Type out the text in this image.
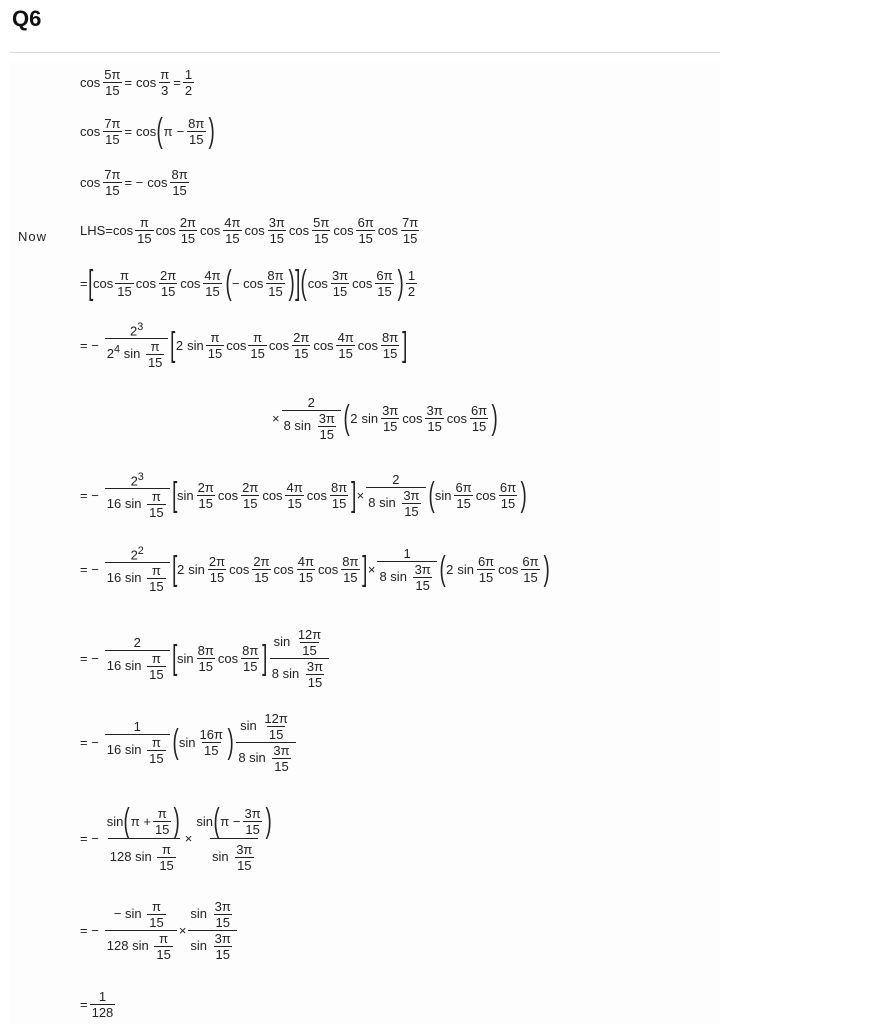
Q6
$\cos \frac{5\pi}{15} = \cos \frac{\pi}{3} = \frac{1}{2}$
$\cos \frac{7\pi}{15} = \cos$ ( $\pi - \frac{8\pi}{15}$ )
$\cos \frac{7\pi}{15}$ = − cos
8π
15
Now	LHS= cos
π
15
cos
2π
15
cos
4π
15
cos
3π
15
cos
5π
15
cos
6π
15
cos
7π
15
= [ cos
π
15
cos
2π
15
cos
4π
15 ( − cos
8π
15 ) ] ( cos
3π
15
cos
6π
15 ) 1
2
= −
$2^3$
$2^4$ $\sin \frac{\pi}{15}$ [ 2 sin
π
15
cos
π
15
cos
2π
15
cos
4π
15
cos
8π
15 ]
× $\frac{2}{8 \sin \frac{3\pi}{15}}$ ( 2 sin
3π
15
cos
3π
15
cos
6π
15 )
= −
$2^3$
16 $\sin \frac{\pi}{15}$ [ sin
2π
15
cos
2π
15
cos
4π
15
cos
8π
15 ] × $\frac{2}{8 \sin \frac{3\pi}{15}}$ ( sin
6π
15
cos
6π
15 )
= −
$2^2$
16 $\sin \frac{\pi}{15}$ [ 2 sin
2π
15
cos
2π
15
cos
4π
15
cos
8π
15 ] × $\frac{1}{8 \sin \frac{3\pi}{15}}$ ( 2 sin
6π
15
cos
6π
15 )
= −
2
16 $\sin \frac{\pi}{15}$ [ sin
8π
15
cos
8π
15 ] $\sin \frac{12\pi}{15}$
8 $\sin \frac{3\pi}{15}$
= −
1
16 $\sin \frac{\pi}{15}$ ( sin
16π
15 ) $\sin \frac{12\pi}{15}$
8 $\sin \frac{3\pi}{15}$
= − sin ( π
+ $\frac{\pi}{15}$ )
128 $\sin \frac{\pi}{15} \times \sin$ ( π
− $\frac{3\pi}{15}$ )
$\sin \frac{3\pi}{15}$
= − $\frac{- \sin \frac{\pi}{15}}{128 \sin \frac{\pi}{15}} \times \frac{\sin \frac{3\pi}{15}}{\sin \frac{3\pi}{15}}$
= $\frac{1}{128}$
